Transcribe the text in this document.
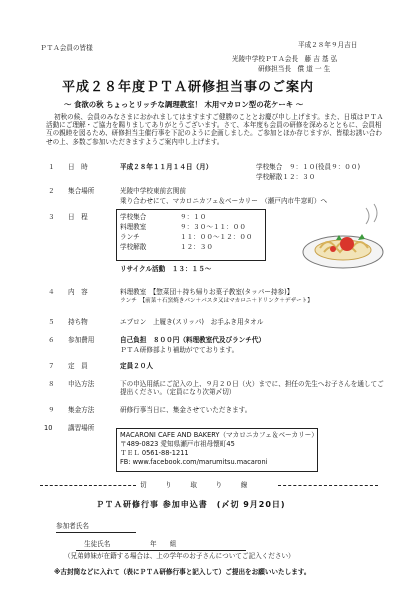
ＰＴＡ会員の皆様	平成２８年９月吉日
光陵中学校ＰＴＡ会長　藤 吉 基 弘
研修担当長　償 道 一 生
平成２８年度ＰＴＡ研修担当事のご案内
～ 食欲の秋 ちょっとリッチな調理教室！ 木用マカロン型の花ケーキ ～
初秋の候、会員のみなさまにおかれましてはますますご健勝のこととお慶び申し上げます。また、日頃はＰＴＡ活動にご理解・ご協力を賜りましてありがとうございます。さて、本年度も会員の研修を深めるとともに、会員相互の親睦を図るため、研修担当主催行事を下記のように企画しました。ご参加とほか存じますが、皆様お誘い合わせの上、多数ご参加いただきますようご案内申し上げます。
１ 日　時	平成２８年１１月１４日（月）	学校集合　９：１０(役員９：００)
学校解散１２：３０
２ 集合場所	光陵中学校東前玄関前
乗り合わせにて、マカロニカフェ＆ベーカリー　（瀬戸内市牛窓町）へ
３ 日　程	学校集合	９：１０
料理教室	９：３０～１１：００
ランチ	１１：００～１２：００
学校解散	１２：３０
リサイクル活動　１３：１５～
４ 内　容	料理教室　【惣菜団＋持ち帰りお菓子教室(タッパー持参)】
ランチ　【前菜＋石窯焼きパン＋パスタ又はマカロニ＋ドリンク＋デザート】
５ 持ち物	エプロン　上履き(スリッパ)　お手ふき用タオル
６ 参加費用	自己負担　８００円（料理教室代及びランチ代）
ＰＴＡ研修部より補助がでております。
７ 定　員	定員２０人
８ 申込方法	下の申込用紙にご記入の上、９月２０日（火）までに、担任の先生へお子さんを通してご提出ください。（定員になり次第〆切）
９ 集金方法	研修行事当日に、集金させていただきます。
10 講習場所
MACARONI CAFE AND BAKERY（マカロニカフェ＆ベーカリー）
〒489-0823 愛知県瀬戸市祖母懐町45
ＴＥＬ 0561-88-1211
FB: www.facebook.com/marumitsu.macaroni
切　り　取　り　線
ＰＴＡ研修行事 参加申込書　(〆切 9月20日)
参加者氏名
生徒氏名	年　　組
（兄弟姉妹が在籍する場合は、上の学年のお子さんについてご記入ください）
※古封筒などに入れて（表にＰＴＡ研修行事と記入して）ご提出をお願いいたします。
